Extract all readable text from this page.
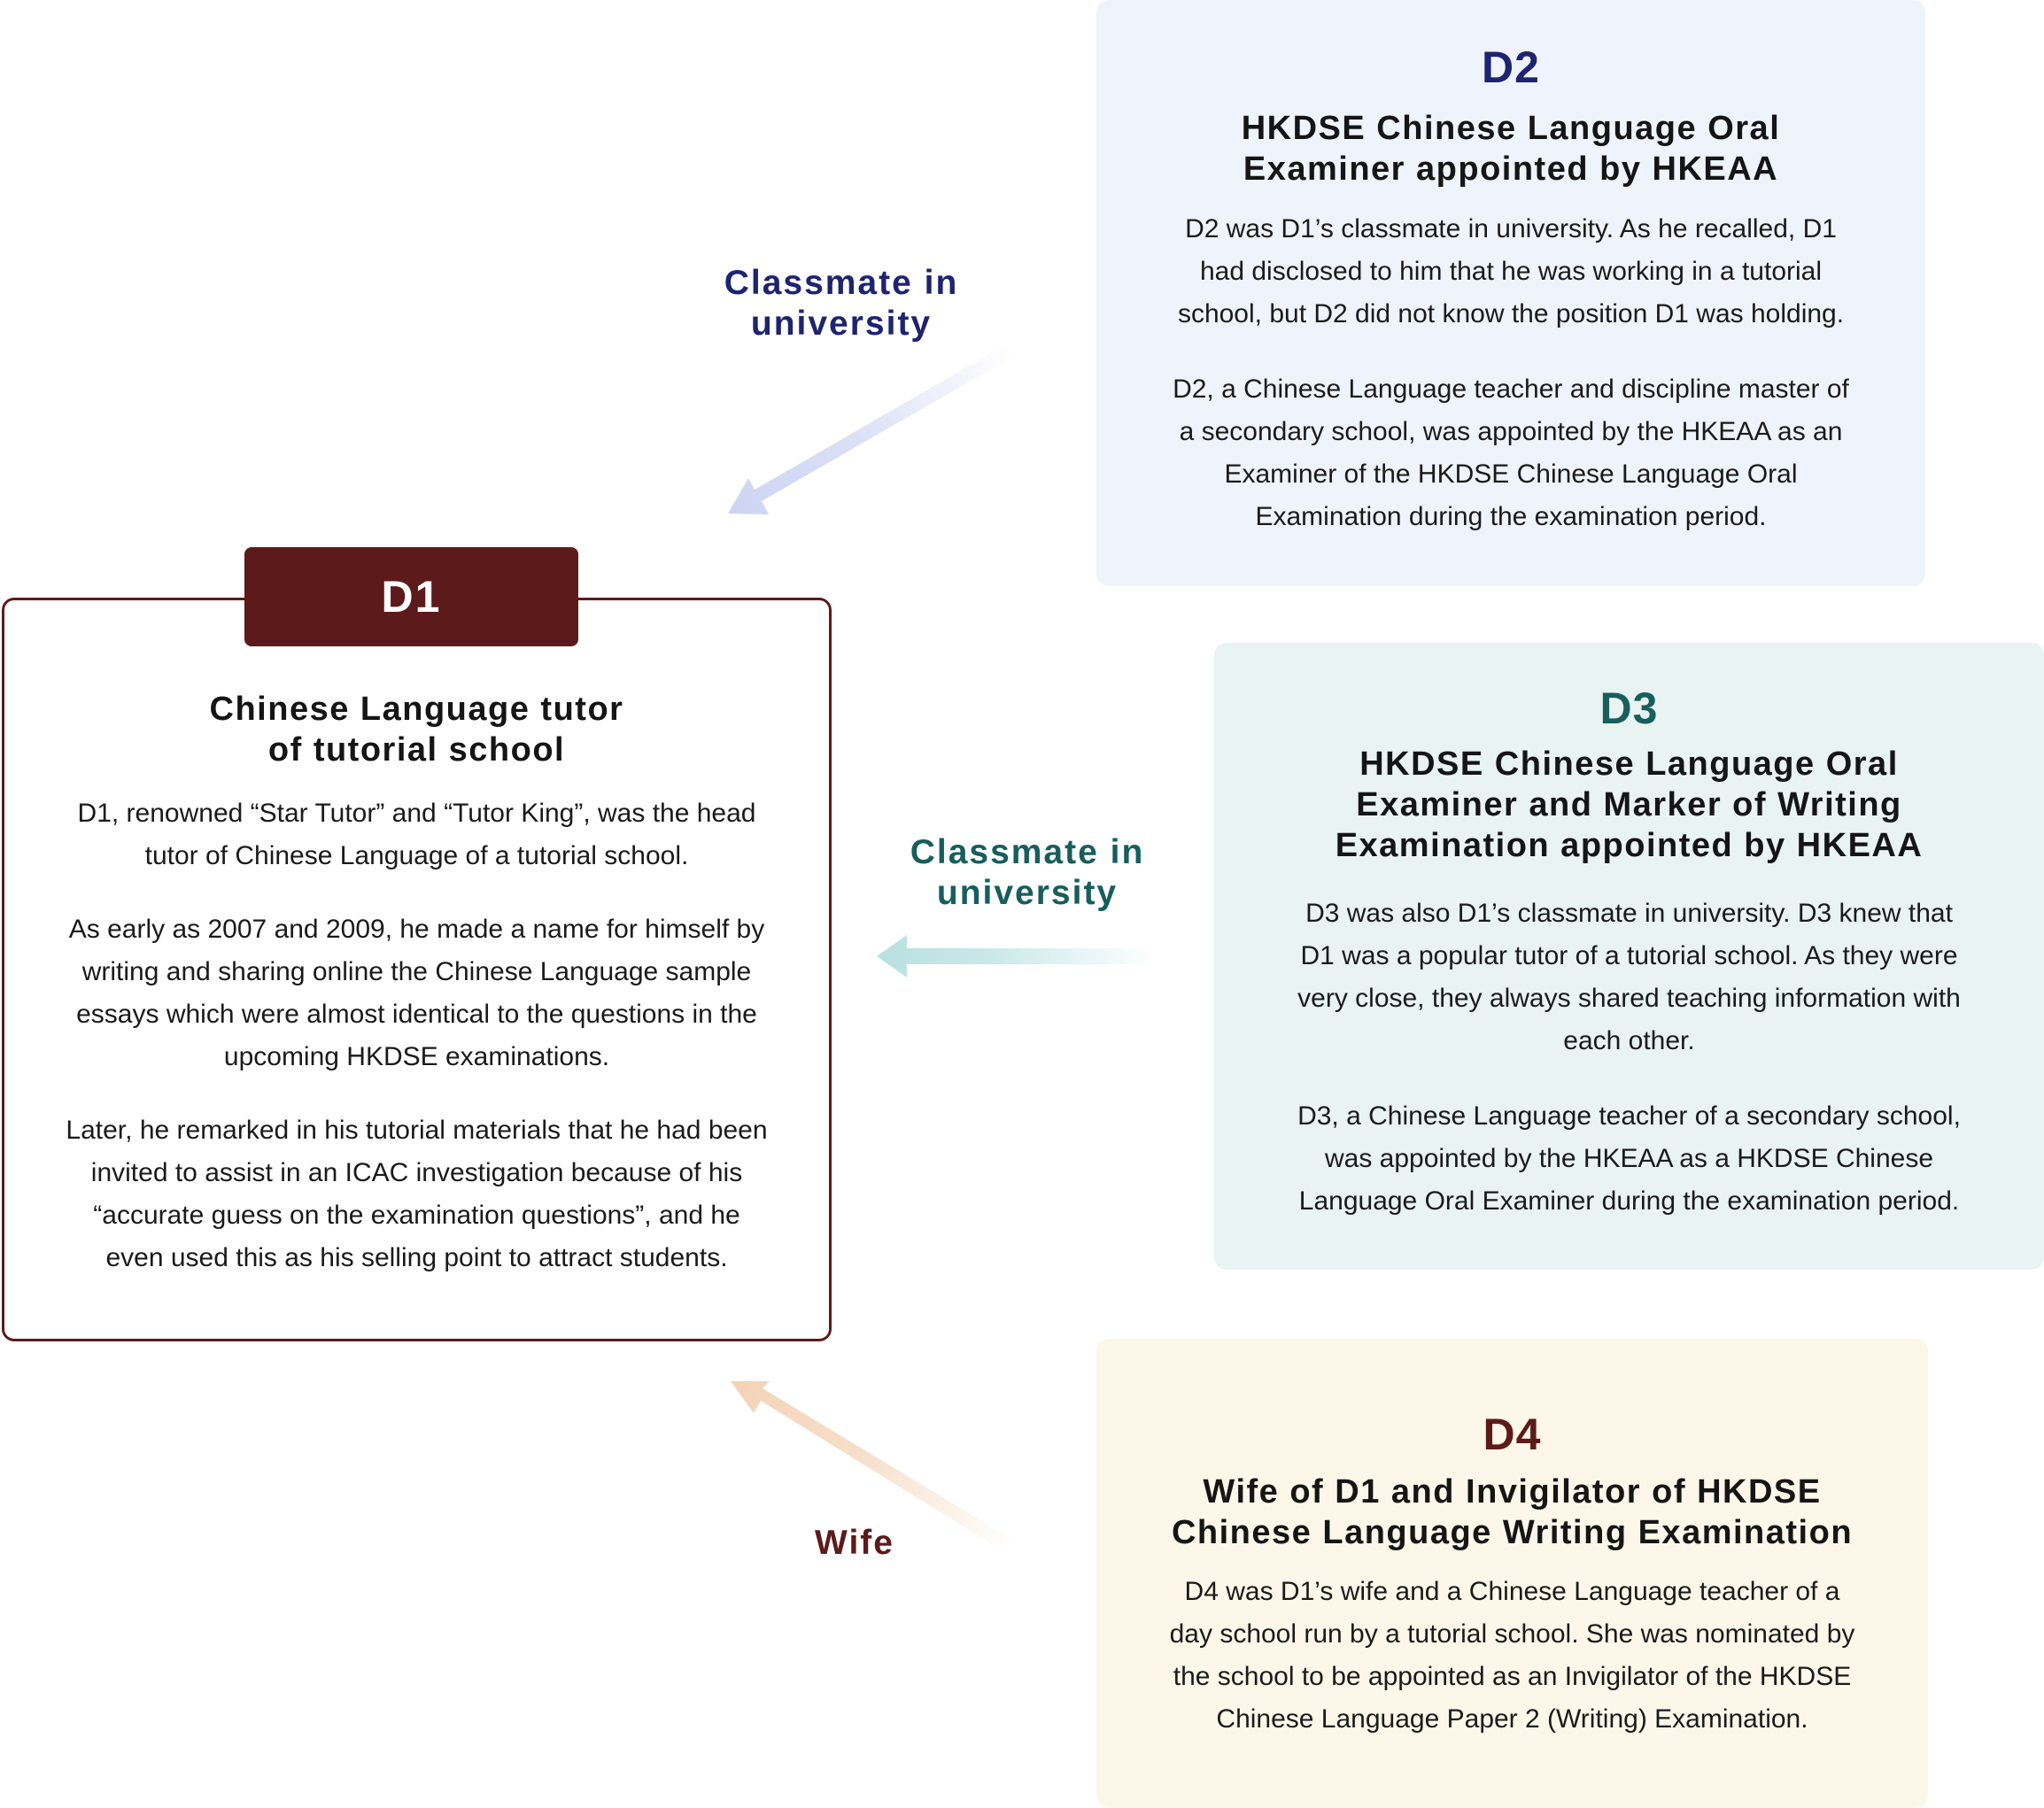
Classmate in
university
Classmate in
university
Wife
D1
Chinese Language tutor
of tutorial school

D1, renowned “Star Tutor” and “Tutor King”, was the head
tutor of Chinese Language of a tutorial school.

As early as 2007 and 2009, he made a name for himself by
writing and sharing online the Chinese Language sample
essays which were almost identical to the questions in the
upcoming HKDSE examinations.

Later, he remarked in his tutorial materials that he had been
invited to assist in an ICAC investigation because of his
“accurate guess on the examination questions”, and he
even used this as his selling point to attract students.

D2
HKDSE Chinese Language Oral
Examiner appointed by HKEAA

D2 was D1’s classmate in university. As he recalled, D1
had disclosed to him that he was working in a tutorial
school, but D2 did not know the position D1 was holding.

D2, a Chinese Language teacher and discipline master of
a secondary school, was appointed by the HKEAA as an
Examiner of the HKDSE Chinese Language Oral
Examination during the examination period.

D3
HKDSE Chinese Language Oral
Examiner and Marker of Writing
Examination appointed by HKEAA

D3 was also D1’s classmate in university. D3 knew that
D1 was a popular tutor of a tutorial school. As they were
very close, they always shared teaching information with
each other.

D3, a Chinese Language teacher of a secondary school,
was appointed by the HKEAA as a HKDSE Chinese
Language Oral Examiner during the examination period.

D4
Wife of D1 and Invigilator of HKDSE
Chinese Language Writing Examination

D4 was D1’s wife and a Chinese Language teacher of a
day school run by a tutorial school. She was nominated by
the school to be appointed as an Invigilator of the HKDSE
Chinese Language Paper 2 (Writing) Examination.
